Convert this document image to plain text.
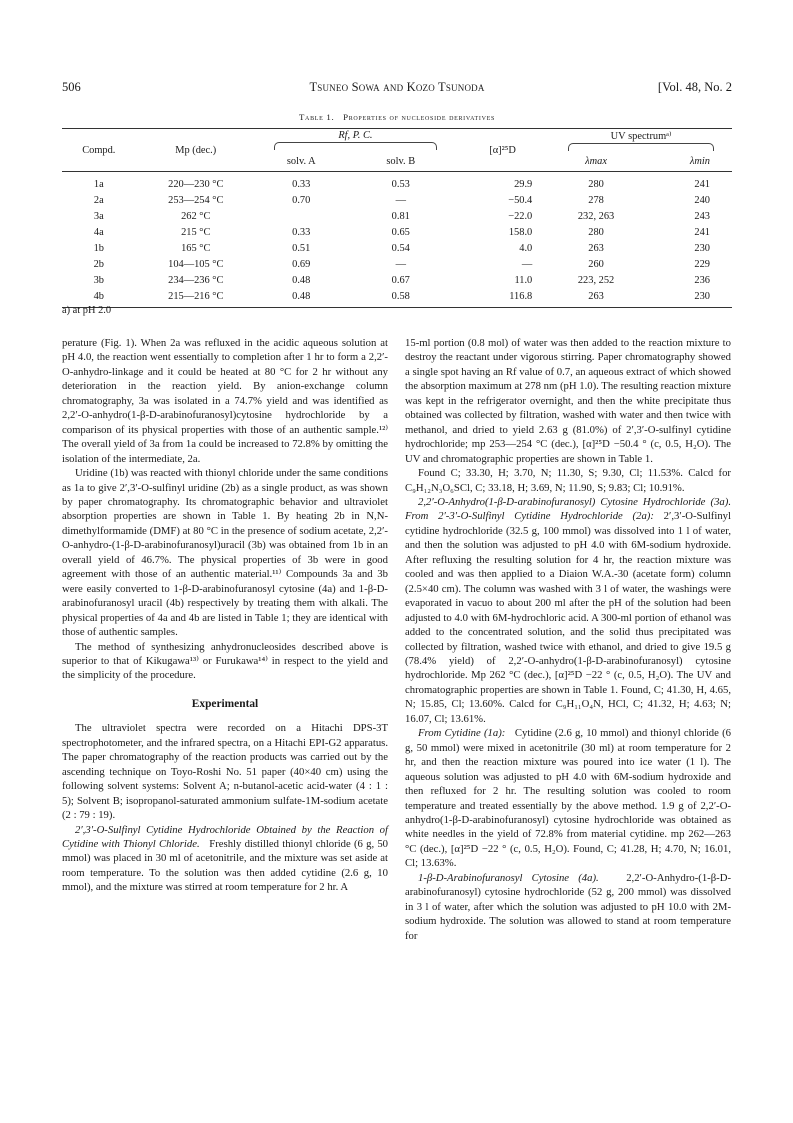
506	Tsuneo Sowa and Kozo Tsunoda	[Vol. 48, No. 2
Table 1. Properties of nucleoside derivatives
Compd.	Mp (dec.)	Rf, P. C.		[α]²⁵D	UV spectrumᵃ⁾	

		solv. A	solv. B		λmax	λmin
1a	220—230 °C	0.33	0.53	29.9	280	241
2a	253—254 °C	0.70	—	−50.4	278	240
3a	262 °C		0.81	−22.0	232, 263	243
4a	215 °C	0.33	0.65	158.0	280	241
1b	165 °C	0.51	0.54	4.0	263	230
2b	104—105 °C	0.69	—	—	260	229
3b	234—236 °C	0.48	0.67	11.0	223, 252	236
4b	215—216 °C	0.48	0.58	116.8	263	230
a) at pH 2.0

perature (Fig. 1). When 2a was refluxed in the acidic aqueous solution at pH 4.0, the reaction went essentially to completion after 1 hr to form a 2,2′-O-anhydro-linkage and it could be heated at 80 °C for 2 hr without any deterioration in the reaction yield. By anion-exchange column chromatography, 3a was isolated in a 74.7% yield and was identified as 2,2′-O-anhydro(1-β-D-arabinofuranosyl)cytosine hydrochloride by a comparison of its physical properties with those of an authentic sample.¹²⁾ The overall yield of 3a from 1a could be increased to 72.8% by omitting the isolation of the intermediate, 2a.

Uridine (1b) was reacted with thionyl chloride under the same conditions as 1a to give 2′,3′-O-sulfinyl uridine (2b) as a single product, as was shown by paper chromatography. Its chromatographic behavior and ultraviolet absorption properties are shown in Table 1. By heating 2b in N,N-dimethylformamide (DMF) at 80 °C in the presence of sodium acetate, 2,2′-O-anhydro-(1-β-D-arabinofuranosyl)uracil (3b) was obtained from 1b in an overall yield of 46.7%. The physical properties of 3b were in good agreement with those of an authentic material.¹¹⁾ Compounds 3a and 3b were easily converted to 1-β-D-arabinofuranosyl cytosine (4a) and 1-β-D-arabinofuranosyl uracil (4b) respectively by treating them with alkali. The physical properties of 4a and 4b are listed in Table 1; they are identical with those of authentic samples.

The method of synthesizing anhydronucleosides described above is superior to that of Kikugawa¹³⁾ or Furukawa¹⁴⁾ in respect to the yield and the simplicity of the procedure.

Experimental

The ultraviolet spectra were recorded on a Hitachi DPS-3T spectrophotometer, and the infrared spectra, on a Hitachi EPI-G2 apparatus. The paper chromatography of the reaction products was carried out by the ascending technique on Toyo-Roshi No. 51 paper (40×40 cm) using the following solvent systems: Solvent A; n-butanol-acetic acid-water (4 : 1 : 5); Solvent B; isopropanol-saturated ammonium sulfate-1M-sodium acetate (2 : 79 : 19).

2′,3′-O-Sulfinyl Cytidine Hydrochloride Obtained by the Reaction of Cytidine with Thionyl Chloride. Freshly distilled thionyl chloride (6 g, 50 mmol) was placed in 30 ml of acetonitrile, and the mixture was set aside at room temperature. To the solution was then added cytidine (2.6 g, 10 mmol), and the mixture was stirred at room temperature for 2 hr. A

15-ml portion (0.8 mol) of water was then added to the reaction mixture to destroy the reactant under vigorous stirring. Paper chromatography showed a single spot having an Rf value of 0.7, an aqueous extract of which showed the absorption maximum at 278 nm (pH 1.0). The resulting reaction mixture was kept in the refrigerator overnight, and then the white precipitate thus obtained was collected by filtration, washed with water and then twice with methanol, and dried to yield 2.63 g (81.0%) of 2′,3′-O-sulfinyl cytidine hydrochloride; mp 253—254 °C (dec.), [α]²⁵D −50.4 ° (c, 0.5, H₂O). The UV and chromatographic properties are shown in Table 1.

Found C; 33.30, H; 3.70, N; 11.30, S; 9.30, Cl; 11.53%. Calcd for C₉H₁₂N₃O₆SCl, C; 33.18, H; 3.69, N; 11.90, S; 9.83; Cl; 10.91%.

2,2′-O-Anhydro(1-β-D-arabinofuranosyl) Cytosine Hydrochloride (3a). From 2′-3′-O-Sulfinyl Cytidine Hydrochloride (2a): 2′,3′-O-Sulfinyl cytidine hydrochloride (32.5 g, 100 mmol) was dissolved into 1 l of water, and then the solution was adjusted to pH 4.0 with 6M-sodium hydroxide. After refluxing the resulting solution for 4 hr, the reaction mixture was cooled and was then applied to a Diaion W.A.-30 (acetate form) column (2.5×40 cm). The column was washed with 3 l of water, the washings were evaporated in vacuo to about 200 ml after the pH of the solution had been adjusted to 4.0 with 6M-hydrochloric acid. A 300-ml portion of ethanol was added to the concentrated solution, and the solid thus precipitated was collected by filtration, washed twice with ethanol, and dried to give 19.5 g (78.4% yield) of 2,2′-O-anhydro(1-β-D-arabinofuranosyl) cytosine hydrochloride. Mp 262 °C (dec.), [α]²⁵D −22 ° (c, 0.5, H₂O). The UV and chromatographic properties are shown in Table 1. Found, C; 41.30, H, 4.65, N; 15.85, Cl; 13.60%. Calcd for C₉H₁₁O₄N, HCl, C; 41.32, H; 4.63; N; 16.07, Cl; 13.61%.

From Cytidine (1a): Cytidine (2.6 g, 10 mmol) and thionyl chloride (6 g, 50 mmol) were mixed in acetonitrile (30 ml) at room temperature for 2 hr, and then the reaction mixture was poured into ice water (1 l). The aqueous solution was adjusted to pH 4.0 with 6M-sodium hydroxide and then refluxed for 2 hr. The resulting solution was cooled to room temperature and treated essentially by the above method. 1.9 g of 2,2′-O-anhydro(1-β-D-arabinofuranosyl) cytosine hydrochloride was obtained as white needles in the yield of 72.8% from material cytidine. mp 262—263 °C (dec.), [α]²⁵D −22 ° (c, 0.5, H₂O). Found, C; 41.28, H; 4.70, N; 16.01, Cl; 13.63%.

1-β-D-Arabinofuranosyl Cytosine (4a).	2,2′-O-Anhydro-(1-β-D-arabinofuranosyl) cytosine hydrochloride (52 g, 200 mmol) was dissolved in 3 l of water, after which the solution was adjusted to pH 10.0 with 2M-sodium hydroxide. The solution was allowed to stand at room temperature for
